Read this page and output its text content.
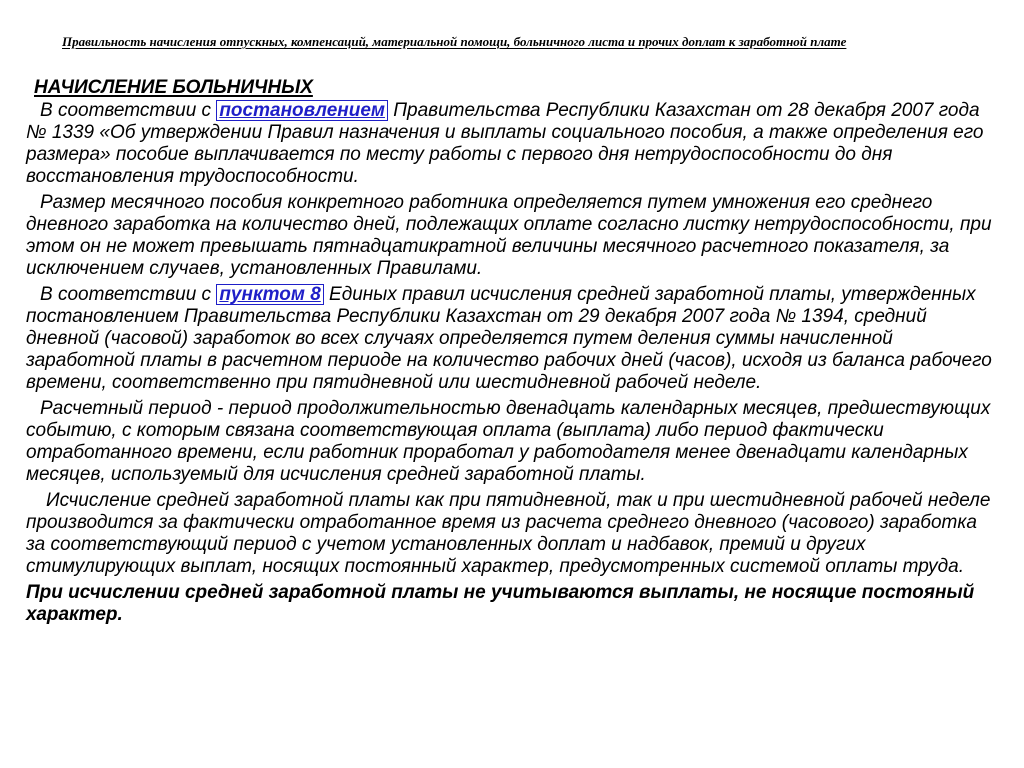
Правильность начисления отпускных, компенсаций, материальной помощи, больничного листа и прочих доплат к заработной плате
НАЧИСЛЕНИЕ БОЛЬНИЧНЫХ

В соответствии с постановлением Правительства Республики Казахстан от 28 декабря 2007 года № 1339 «Об утверждении Правил назначения и выплаты социального пособия, а также определения его размера» пособие выплачивается по месту работы с первого дня нетрудоспособности до дня восстановления трудоспособности.

Размер месячного пособия конкретного работника определяется путем умножения его среднего дневного заработка на количество дней, подлежащих оплате согласно листку нетрудоспособности, при этом он не может превышать пятнадцатикратной величины месячного расчетного показателя, за исключением случаев, установленных Правилами.

В соответствии с пунктом 8 Единых правил исчисления средней заработной платы, утвержденных постановлением Правительства Республики Казахстан от 29 декабря 2007 года № 1394, средний дневной (часовой) заработок во всех случаях определяется путем деления суммы начисленной заработной платы в расчетном периоде на количество рабочих дней (часов), исходя из баланса рабочего времени, соответственно при пятидневной или шестидневной рабочей неделе.

Расчетный период - период продолжительностью двенадцать календарных месяцев, предшествующих событию, с которым связана соответствующая оплата (выплата) либо период фактически отработанного времени, если работник проработал у работодателя менее двенадцати календарных месяцев, используемый для исчисления средней заработной платы.

Исчисление средней заработной платы как при пятидневной, так и при шестидневной рабочей неделе производится за фактически отработанное время из расчета среднего дневного (часового) заработка за соответствующий период с учетом установленных доплат и надбавок, премий и других стимулирующих выплат, носящих постоянный характер, предусмотренных системой оплаты труда.

При исчислении средней заработной платы не учитываются выплаты, не носящие постояный характер.
